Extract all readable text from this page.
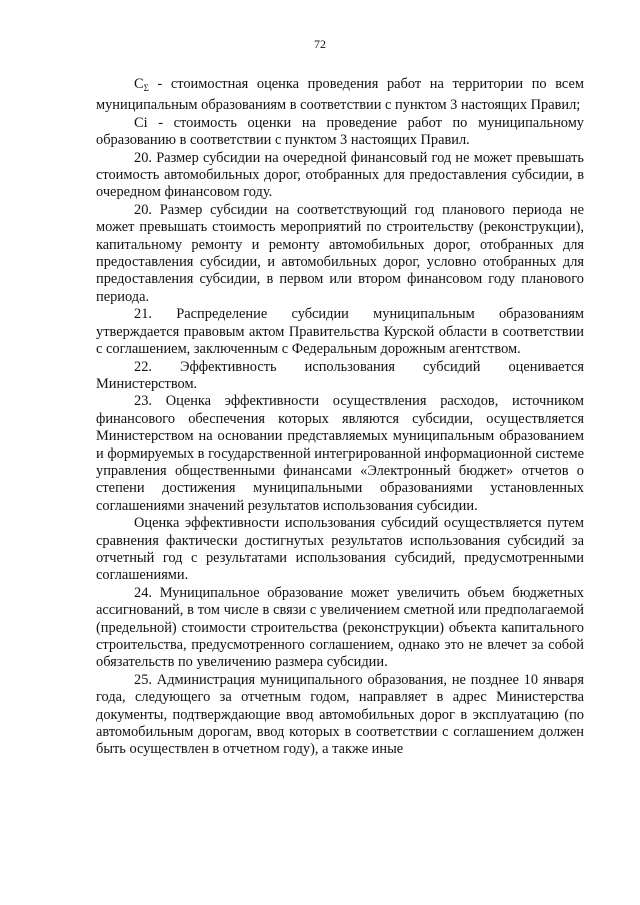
72

$C_\Sigma$ - стоимостная оценка проведения работ на территории по всем муниципальным образованиям в соответствии с пунктом 3 настоящих Правил;

Ci - стоимость оценки на проведение работ по муниципальному образованию в соответствии с пунктом 3 настоящих Правил.

20. Размер субсидии на очередной финансовый год не может превышать стоимость автомобильных дорог, отобранных для предоставления субсидии, в очередном финансовом году.

20. Размер субсидии на соответствующий год планового периода не может превышать стоимость мероприятий по строительству (реконструкции), капитальному ремонту и ремонту автомобильных дорог, отобранных для предоставления субсидии, и автомобильных дорог, условно отобранных для предоставления субсидии, в первом или втором финансовом году планового периода.

21. Распределение субсидии муниципальным образованиям утверждается правовым актом Правительства Курской области в соответствии с соглашением, заключенным с Федеральным дорожным агентством.

22. Эффективность использования субсидий оценивается Министерством.

23. Оценка эффективности осуществления расходов, источником финансового обеспечения которых являются субсидии, осуществляется Министерством на основании представляемых муниципальным образованием и формируемых в государственной интегрированной информационной системе управления общественными финансами «Электронный бюджет» отчетов о степени достижения муниципальными образованиями установленных соглашениями значений результатов использования субсидии.

Оценка эффективности использования субсидий осуществляется путем сравнения фактически достигнутых результатов использования субсидий за отчетный год с результатами использования субсидий, предусмотренными соглашениями.

24. Муниципальное образование может увеличить объем бюджетных ассигнований, в том числе в связи с увеличением сметной или предполагаемой (предельной) стоимости строительства (реконструкции) объекта капитального строительства, предусмотренного соглашением, однако это не влечет за собой обязательств по увеличению размера субсидии.

25. Администрация муниципального образования, не позднее 10 января года, следующего за отчетным годом, направляет в адрес Министерства документы, подтверждающие ввод автомобильных дорог в эксплуатацию (по автомобильным дорогам, ввод которых в соответствии с соглашением должен быть осуществлен в отчетном году), а также иные
